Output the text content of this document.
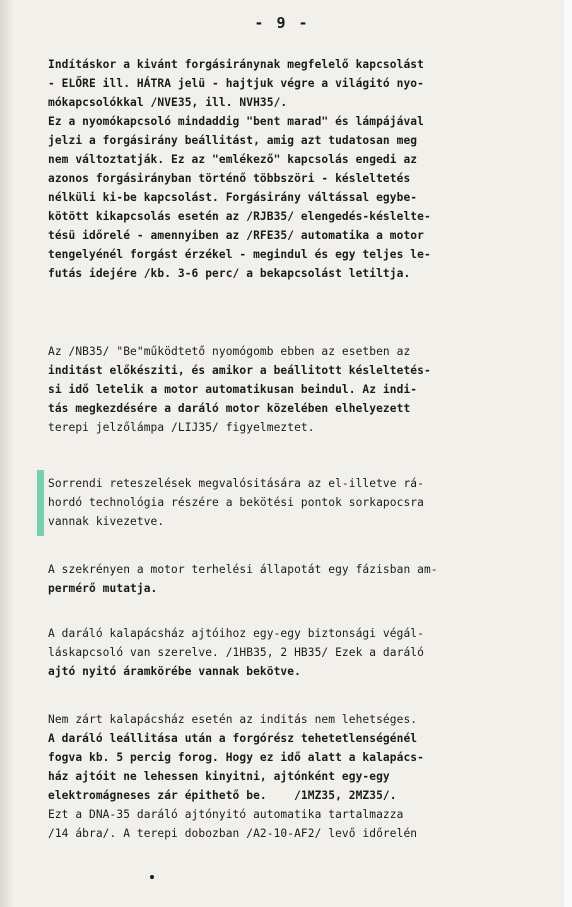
- 9 -
Indításkor a kivánt forgásiránynak megfelelő kapcsolást
- ELŐRE ill. HÁTRA jelü - hajtjuk végre a világitó nyo-
mókapcsolókkal /NVE35, ill. NVH35/.
Ez a nyomókapcsoló mindaddig "bent marad" és lámpájával
jelzi a forgásirány beállitást, amig azt tudatosan meg
nem változtatják. Ez az "emlékező" kapcsolás engedi az
azonos forgásirányban történő többszöri - késleltetés
nélküli ki-be kapcsolást. Forgásirány váltással egybe-
kötött kikapcsolás esetén az /RJB35/ elengedés-késlelte-
tésü időrelé - amennyiben az /RFE35/ automatika a motor
tengelyénél forgást érzékel - megindul és egy teljes le-
futás idejére /kb. 3-6 perc/ a bekapcsolást letiltja.
Az /NB35/ "Be"működtető nyomógomb ebben az esetben az
inditást előkésziti, és amikor a beállitott késleltetés-
si idő letelik a motor automatikusan beindul. Az indi-
tás megkezdésére a daráló motor közelében elhelyezett
terepi jelzőlámpa /LIJ35/ figyelmeztet.
Sorrendi reteszelések megvalósitására az el-illetve rá-
hordó technológia részére a bekötési pontok sorkapocsra
vannak kivezetve.
A szekrényen a motor terhelési állapotát egy fázisban am-
permérő mutatja.
A daráló kalapácsház ajtóihoz egy-egy biztonsági végál-
láskapcsoló van szerelve. /1HB35, 2 HB35/ Ezek a daráló
ajtó nyitó áramkörébe vannak bekötve.
Nem zárt kalapácsház esetén az inditás nem lehetséges.
A daráló leállitása után a forgórész tehetetlenségénél
fogva kb. 5 percig forog. Hogy ez idő alatt a kalapács-
ház ajtóit ne lehessen kinyitni, ajtónként egy-egy
elektromágneses zár épithető be.    /1MZ35, 2MZ35/.
Ezt a DNA-35 daráló ajtónyitó automatika tartalmazza
/14 ábra/. A terepi dobozban /A2-10-AF2/ levő időrelén
